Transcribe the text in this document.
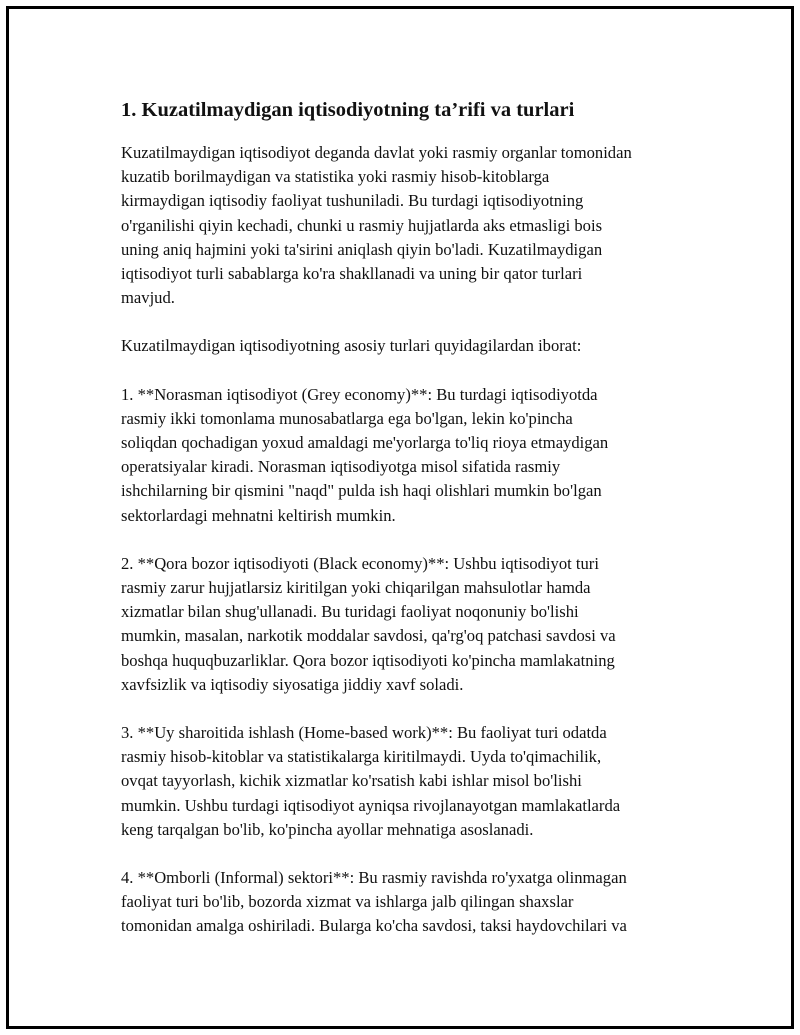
1. Kuzatilmaydigan iqtisodiyotning ta’rifi va turlari
Kuzatilmaydigan iqtisodiyot deganda davlat yoki rasmiy organlar tomonidan
kuzatib borilmaydigan va statistika yoki rasmiy hisob-kitoblarga
kirmaydigan iqtisodiy faoliyat tushuniladi. Bu turdagi iqtisodiyotning
o'rganilishi qiyin kechadi, chunki u rasmiy hujjatlarda aks etmasligi bois
uning aniq hajmini yoki ta'sirini aniqlash qiyin bo'ladi. Kuzatilmaydigan
iqtisodiyot turli sabablarga ko'ra shakllanadi va uning bir qator turlari
mavjud.
Kuzatilmaydigan iqtisodiyotning asosiy turlari quyidagilardan iborat:
1. **Norasman iqtisodiyot (Grey economy)**: Bu turdagi iqtisodiyotda
rasmiy ikki tomonlama munosabatlarga ega bo'lgan, lekin ko'pincha
soliqdan qochadigan yoxud amaldagi me'yorlarga to'liq rioya etmaydigan
operatsiyalar kiradi. Norasman iqtisodiyotga misol sifatida rasmiy
ishchilarning bir qismini "naqd" pulda ish haqi olishlari mumkin bo'lgan
sektorlardagi mehnatni keltirish mumkin.
2. **Qora bozor iqtisodiyoti (Black economy)**: Ushbu iqtisodiyot turi
rasmiy zarur hujjatlarsiz kiritilgan yoki chiqarilgan mahsulotlar hamda
xizmatlar bilan shug'ullanadi. Bu turidagi faoliyat noqonuniy bo'lishi
mumkin, masalan, narkotik moddalar savdosi, qa'rg'oq patchasi savdosi va
boshqa huquqbuzarliklar. Qora bozor iqtisodiyoti ko'pincha mamlakatning
xavfsizlik va iqtisodiy siyosatiga jiddiy xavf soladi.
3. **Uy sharoitida ishlash (Home-based work)**: Bu faoliyat turi odatda
rasmiy hisob-kitoblar va statistikalarga kiritilmaydi. Uyda to'qimachilik,
ovqat tayyorlash, kichik xizmatlar ko'rsatish kabi ishlar misol bo'lishi
mumkin. Ushbu turdagi iqtisodiyot ayniqsa rivojlanayotgan mamlakatlarda
keng tarqalgan bo'lib, ko'pincha ayollar mehnatiga asoslanadi.
4. **Omborli (Informal) sektori**: Bu rasmiy ravishda ro'yxatga olinmagan
faoliyat turi bo'lib, bozorda xizmat va ishlarga jalb qilingan shaxslar
tomonidan amalga oshiriladi. Bularga ko'cha savdosi, taksi haydovchilari va
